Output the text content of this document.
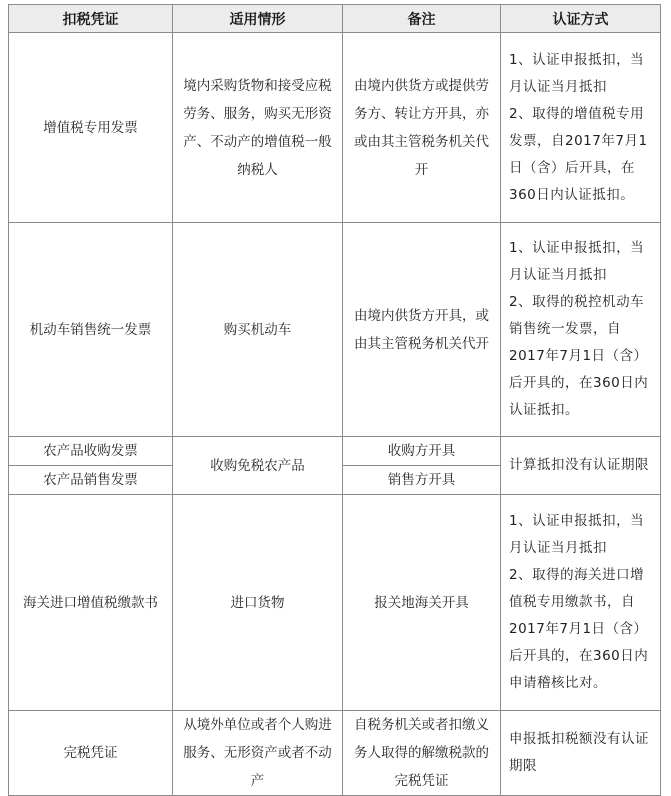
扣税凭证	适用情形	备注	认证方式
增值税专用发票	境内采购货物和接受应税劳务、服务，购买无形资产、不动产的增值税一般纳税人	由境内供货方或提供劳务方、转让方开具，亦或由其主管税务机关代开	1、认证申报抵扣，当月认证当月抵扣

2、取得的增值税专用发票，自2017年7月1日（含）后开具，在360日内认证抵扣。

机动车销售统一发票	购买机动车	由境内供货方开具，或由其主管税务机关代开	1、认证申报抵扣，当月认证当月抵扣

2、取得的税控机动车销售统一发票，自2017年7月1日（含）后开具的，在360日内认证抵扣。

农产品收购发票	收购免税农产品	收购方开具	计算抵扣没有认证期限

农产品销售发票		销售方开具	
海关进口增值税缴款书	进口货物	报关地海关开具	1、认证申报抵扣，当月认证当月抵扣

2、取得的海关进口增值税专用缴款书，自2017年7月1日（含）后开具的，在360日内申请稽核比对。

完税凭证	从境外单位或者个人购进服务、无形资产或者不动产	自税务机关或者扣缴义务人取得的解缴税款的完税凭证	申报抵扣税额没有认证期限
